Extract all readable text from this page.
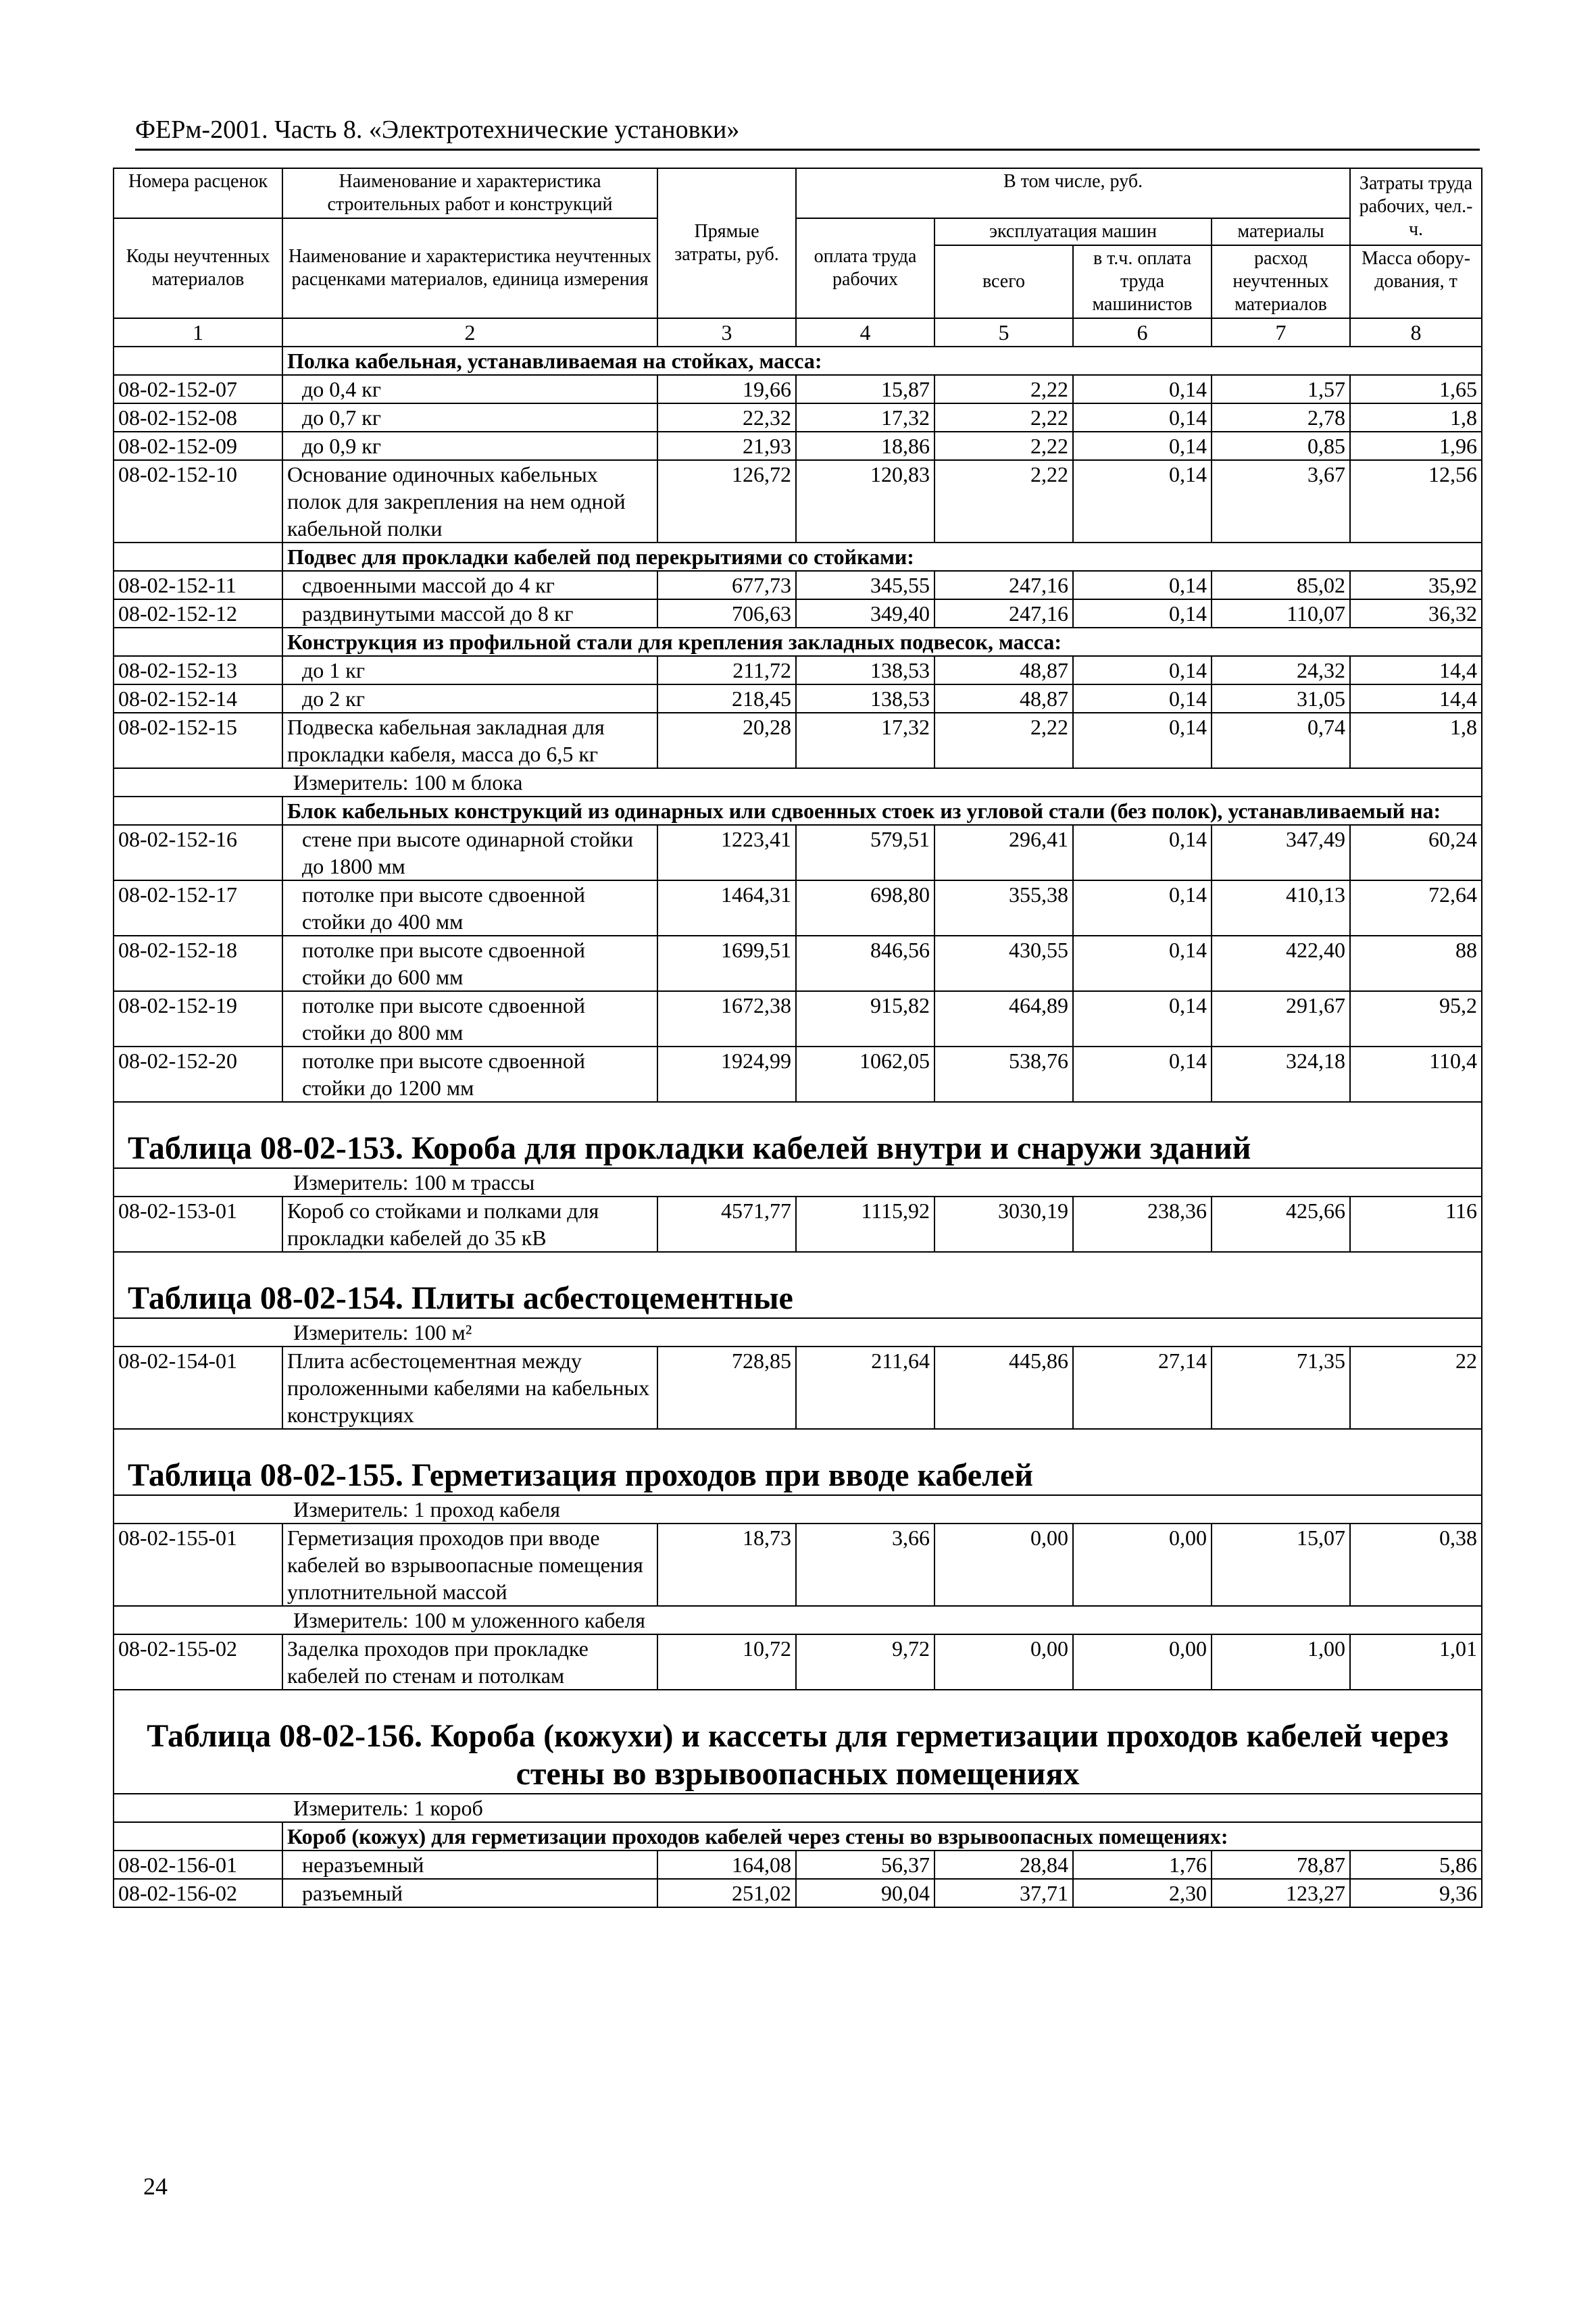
ФЕРм-2001. Часть 8. «Электротехнические установки»
Номера расценок	Наименование и характеристика строительных работ и конструкций	Прямые затраты, руб.	В том числе, руб.				Затраты труда рабочих, чел.-ч.
Коды неучтенных материалов	Наименование и характеристика неучтенных расценками материалов, единица измерения		оплата труда рабочих	эксплуатация машин		материалы	
				всего	в т.ч. оплата труда машинистов	расход неучтенных материалов	Масса обору-дования, т
1	2	3	4	5	6	7	8
	Полка кабельная, устанавливаемая на стойках, масса:						
08-02-152-07	до 0,4 кг	19,66	15,87	2,22	0,14	1,57	1,65
08-02-152-08	до 0,7 кг	22,32	17,32	2,22	0,14	2,78	1,8
08-02-152-09	до 0,9 кг	21,93	18,86	2,22	0,14	0,85	1,96
08-02-152-10	Основание одиночных кабельных полок для закрепления на нем одной кабельной полки	126,72	120,83	2,22	0,14	3,67	12,56
	Подвес для прокладки кабелей под перекрытиями со стойками:						
08-02-152-11	сдвоенными массой до 4 кг	677,73	345,55	247,16	0,14	85,02	35,92
08-02-152-12	раздвинутыми массой до 8 кг	706,63	349,40	247,16	0,14	110,07	36,32
	Конструкция из профильной стали для крепления закладных подвесок, масса:						
08-02-152-13	до 1 кг	211,72	138,53	48,87	0,14	24,32	14,4
08-02-152-14	до 2 кг	218,45	138,53	48,87	0,14	31,05	14,4
08-02-152-15	Подвеска кабельная закладная для прокладки кабеля, масса до 6,5 кг	20,28	17,32	2,22	0,14	0,74	1,8
Измеритель: 100 м блока							
	Блок кабельных конструкций из одинарных или сдвоенных стоек из угловой стали (без полок), устанавливаемый на:						
08-02-152-16	стене при высоте одинарной стойки до 1800 мм	1223,41	579,51	296,41	0,14	347,49	60,24
08-02-152-17	потолке при высоте сдвоенной стойки до 400 мм	1464,31	698,80	355,38	0,14	410,13	72,64
08-02-152-18	потолке при высоте сдвоенной стойки до 600 мм	1699,51	846,56	430,55	0,14	422,40	88
08-02-152-19	потолке при высоте сдвоенной стойки до 800 мм	1672,38	915,82	464,89	0,14	291,67	95,2
08-02-152-20	потолке при высоте сдвоенной стойки до 1200 мм	1924,99	1062,05	538,76	0,14	324,18	110,4
Таблица 08-02-153. Короба для прокладки кабелей внутри и снаружи зданий							
Измеритель: 100 м трассы							
08-02-153-01	Короб со стойками и полками для прокладки кабелей до 35 кВ	4571,77	1115,92	3030,19	238,36	425,66	116
Таблица 08-02-154. Плиты асбестоцементные							
Измеритель: 100 м²							
08-02-154-01	Плита асбестоцементная между проложенными кабелями на кабельных конструкциях	728,85	211,64	445,86	27,14	71,35	22
Таблица 08-02-155. Герметизация проходов при вводе кабелей							
Измеритель: 1 проход кабеля							
08-02-155-01	Герметизация проходов при вводе кабелей во взрывоопасные помещения уплотнительной массой	18,73	3,66	0,00	0,00	15,07	0,38
Измеритель: 100 м уложенного кабеля							
08-02-155-02	Заделка проходов при прокладке кабелей по стенам и потолкам	10,72	9,72	0,00	0,00	1,00	1,01
Таблица 08-02-156. Короба (кожухи) и кассеты для герметизации проходов кабелей через стены во взрывоопасных помещениях							
Измеритель: 1 короб							
	Короб (кожух) для герметизации проходов кабелей через стены во взрывоопасных помещениях:						
08-02-156-01	неразъемный	164,08	56,37	28,84	1,76	78,87	5,86
08-02-156-02	разъемный	251,02	90,04	37,71	2,30	123,27	9,36
24
